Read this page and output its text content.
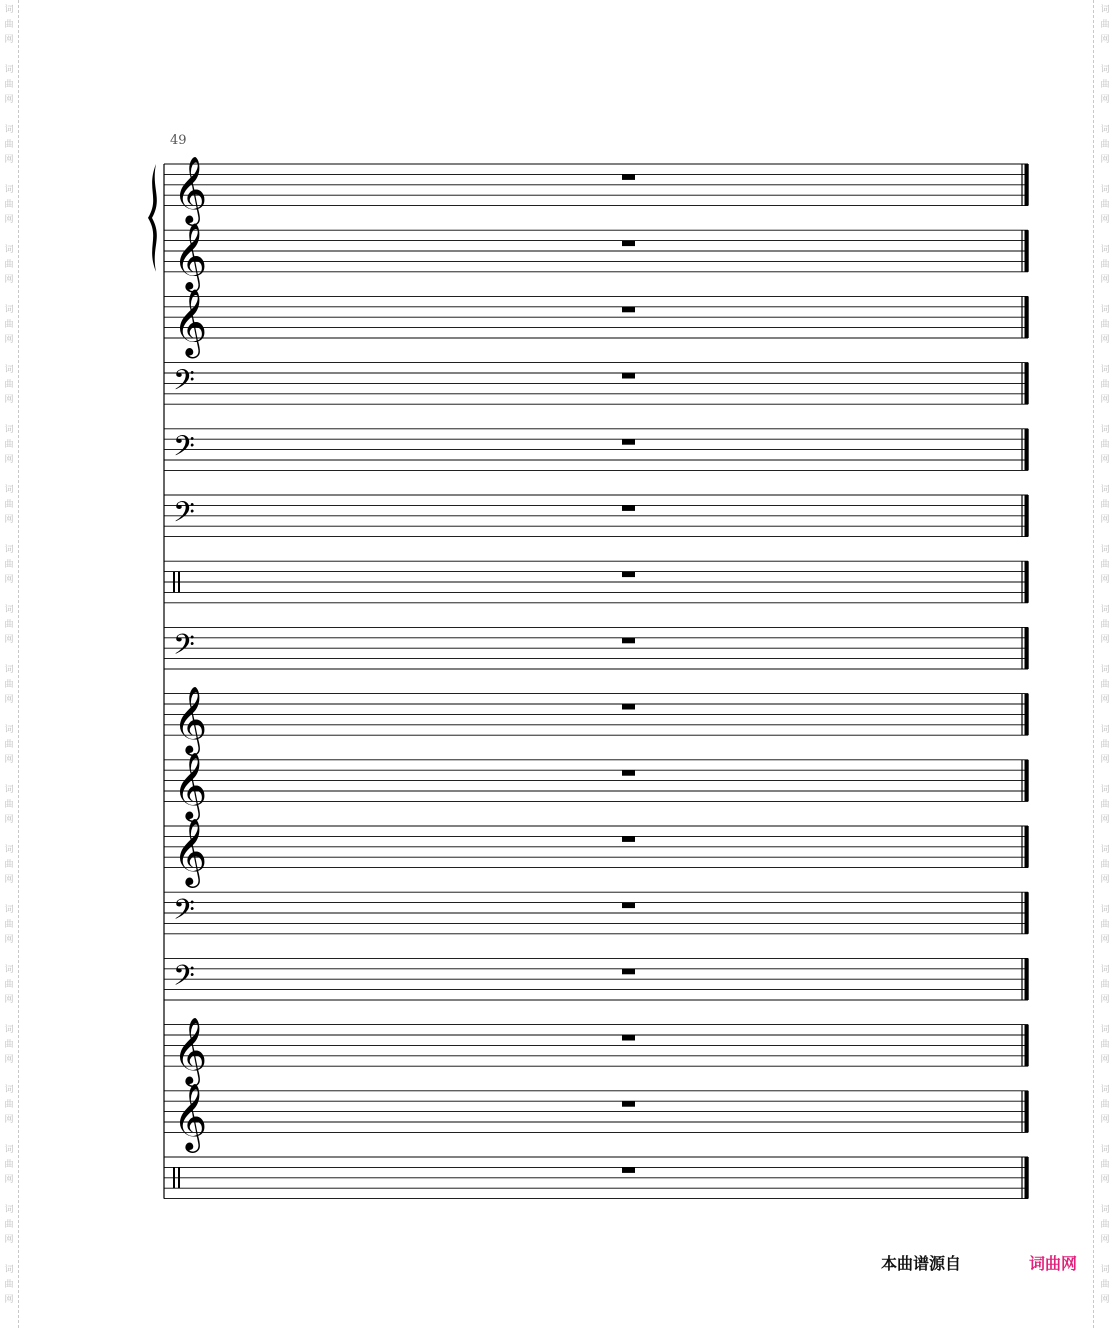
词
曲
网
词
曲
网
词
曲
网
词
曲
网
词
曲
网
词
曲
网
词
曲
网
词
曲
网
词
曲
网
词
曲
网
词
曲
网
词
曲
网
词
曲
网
词
曲
网
词
曲
网
词
曲
网
词
曲
网
词
曲
网
词
曲
网
词
曲
网
词
曲
网
词
曲
网
词
曲
网
词
曲
网
词
曲
网
词
曲
网
词
曲
网
词
曲
网
词
曲
网
词
曲
网
词
曲
网
词
曲
网
词
曲
网
词
曲
网
词
曲
网
词
曲
网
词
曲
网
词
曲
网
词
曲
网
词
曲
网
词
曲
网
词
曲
网
词
曲
网
词
曲
网
49
𝄞
𝄞
𝄞
𝄢
𝄢
𝄢
𝄢
𝄞
𝄞
𝄞
𝄢
𝄢
𝄞
𝄞
本曲谱源自	词曲网
